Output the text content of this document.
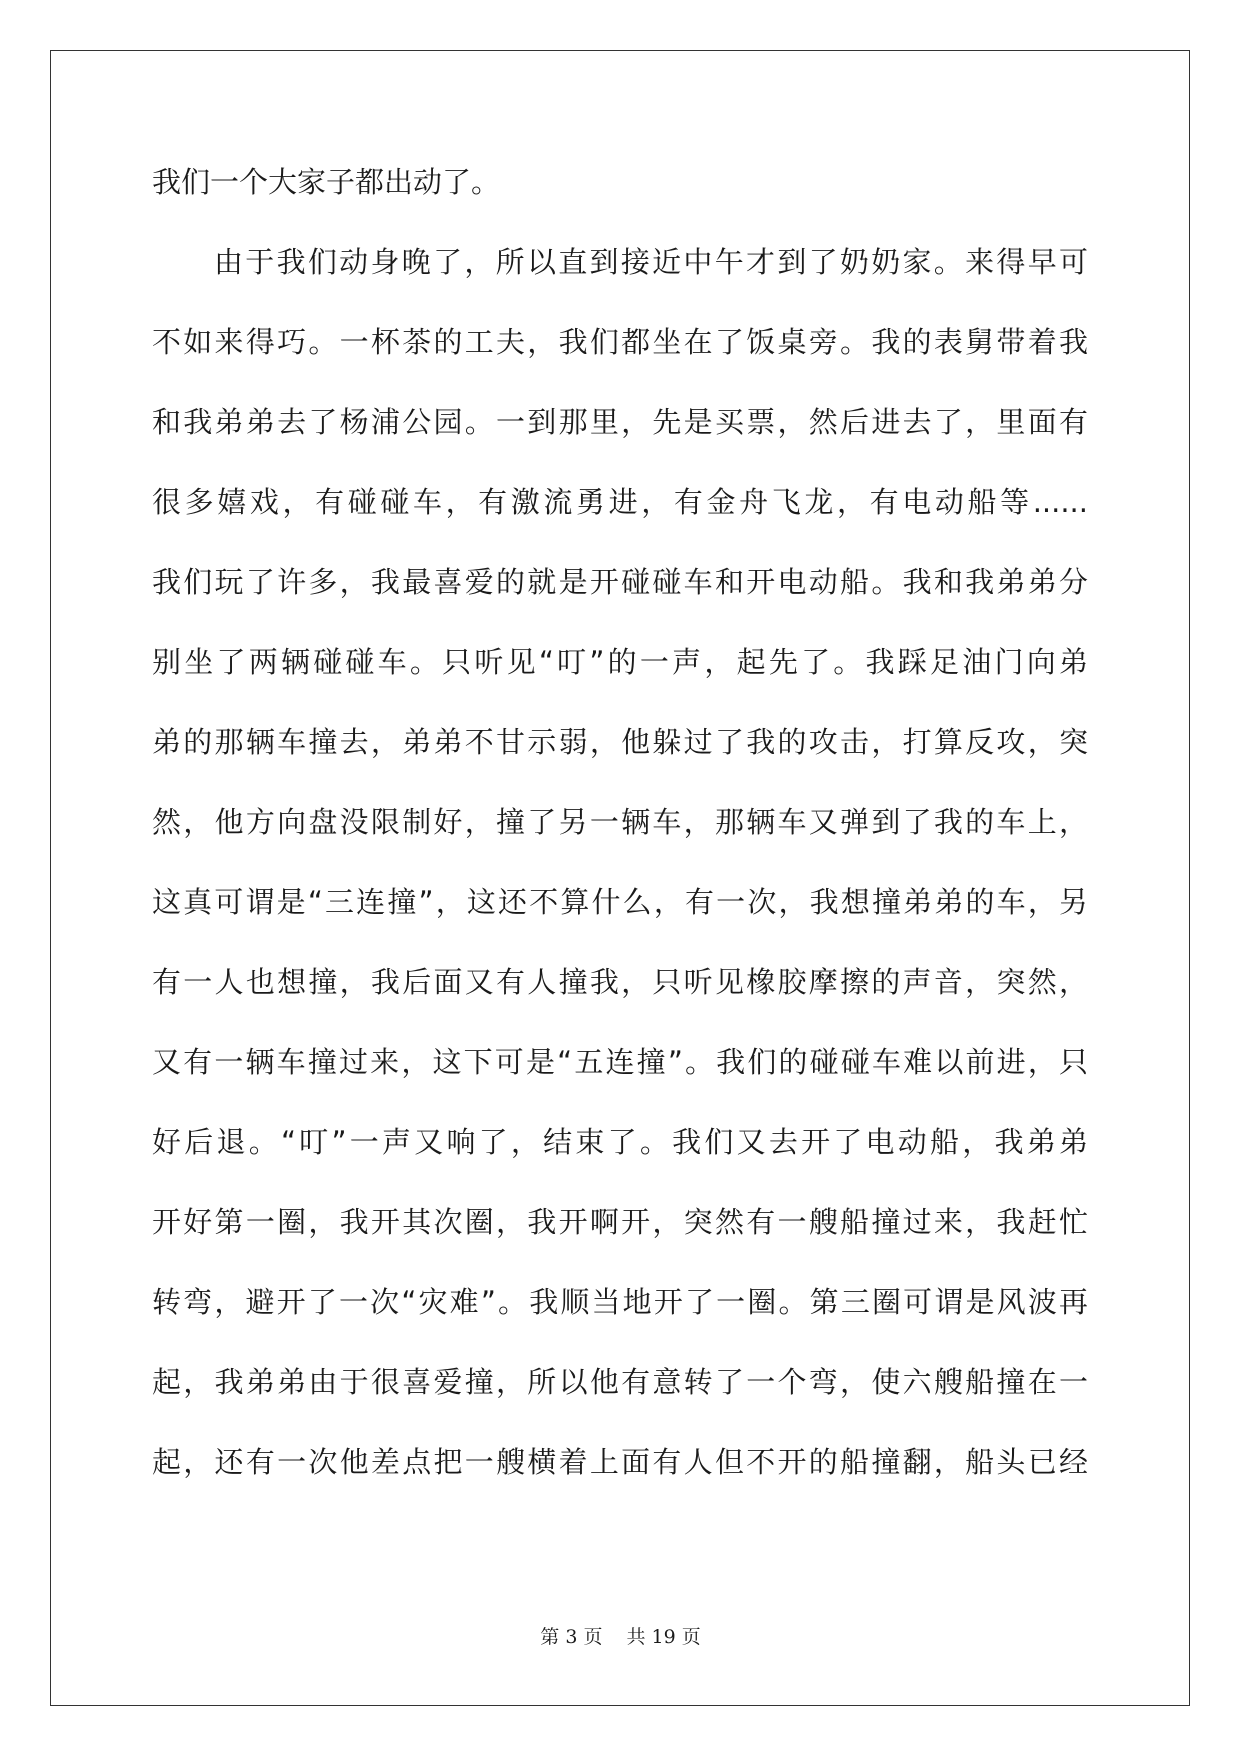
我们一个大家子都出动了。
由于我们动身晚了，所以直到接近中午才到了奶奶家。来得早可
不如来得巧。一杯茶的工夫，我们都坐在了饭桌旁。我的表舅带着我
和我弟弟去了杨浦公园。一到那里，先是买票，然后进去了，里面有
很多嬉戏，有碰碰车，有激流勇进，有金舟飞龙，有电动船等......
我们玩了许多，我最喜爱的就是开碰碰车和开电动船。我和我弟弟分
别坐了两辆碰碰车。只听见“叮”的一声，起先了。我踩足油门向弟
弟的那辆车撞去，弟弟不甘示弱，他躲过了我的攻击，打算反攻，突
然，他方向盘没限制好，撞了另一辆车，那辆车又弹到了我的车上，
这真可谓是“三连撞”，这还不算什么，有一次，我想撞弟弟的车，另
有一人也想撞，我后面又有人撞我，只听见橡胶摩擦的声音，突然，
又有一辆车撞过来，这下可是“五连撞”。我们的碰碰车难以前进，只
好后退。“叮”一声又响了，结束了。我们又去开了电动船，我弟弟
开好第一圈，我开其次圈，我开啊开，突然有一艘船撞过来，我赶忙
转弯，避开了一次“灾难”。我顺当地开了一圈。第三圈可谓是风波再
起，我弟弟由于很喜爱撞，所以他有意转了一个弯，使六艘船撞在一
起，还有一次他差点把一艘横着上面有人但不开的船撞翻，船头已经
第 3 页 共 19 页
